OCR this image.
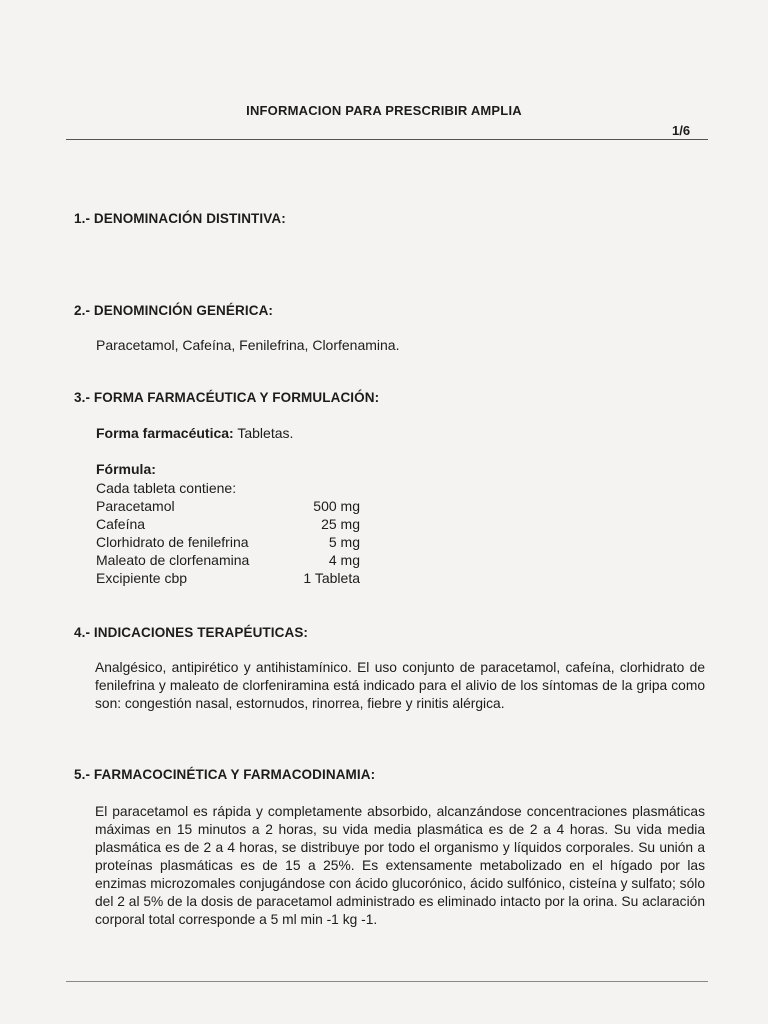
INFORMACION PARA PRESCRIBIR AMPLIA
1/6
1.- DENOMINACIÓN DISTINTIVA:
2.- DENOMINCIÓN GENÉRICA:
Paracetamol, Cafeína, Fenilefrina, Clorfenamina.
3.- FORMA FARMACÉUTICA Y FORMULACIÓN:
Forma farmacéutica: Tabletas.
Fórmula:
Cada tableta contiene:	
Paracetamol	500 mg
Cafeína	25 mg
Clorhidrato de fenilefrina	5 mg
Maleato de clorfenamina	4 mg
Excipiente cbp	1 Tableta
4.- INDICACIONES TERAPÉUTICAS:
Analgésico, antipirético y antihistamínico. El uso conjunto de paracetamol, cafeína, clorhidrato de fenilefrina y maleato de clorfeniramina está indicado para el alivio de los síntomas de la gripa como son: congestión nasal, estornudos, rinorrea, fiebre y rinitis alérgica.
5.- FARMACOCINÉTICA Y FARMACODINAMIA:
El paracetamol es rápida y completamente absorbido, alcanzándose concentraciones plasmáticas máximas en 15 minutos a 2 horas, su vida media plasmática es de 2 a 4 horas. Su vida media plasmática es de 2 a 4 horas, se distribuye por todo el organismo y líquidos corporales. Su unión a proteínas plasmáticas es de 15 a 25%. Es extensamente metabolizado en el hígado por las enzimas microzomales conjugándose con ácido glucorónico, ácido sulfónico, cisteína y sulfato; sólo del 2 al 5% de la dosis de paracetamol administrado es eliminado intacto por la orina. Su aclaración corporal total corresponde a 5 ml min -1 kg -1.
